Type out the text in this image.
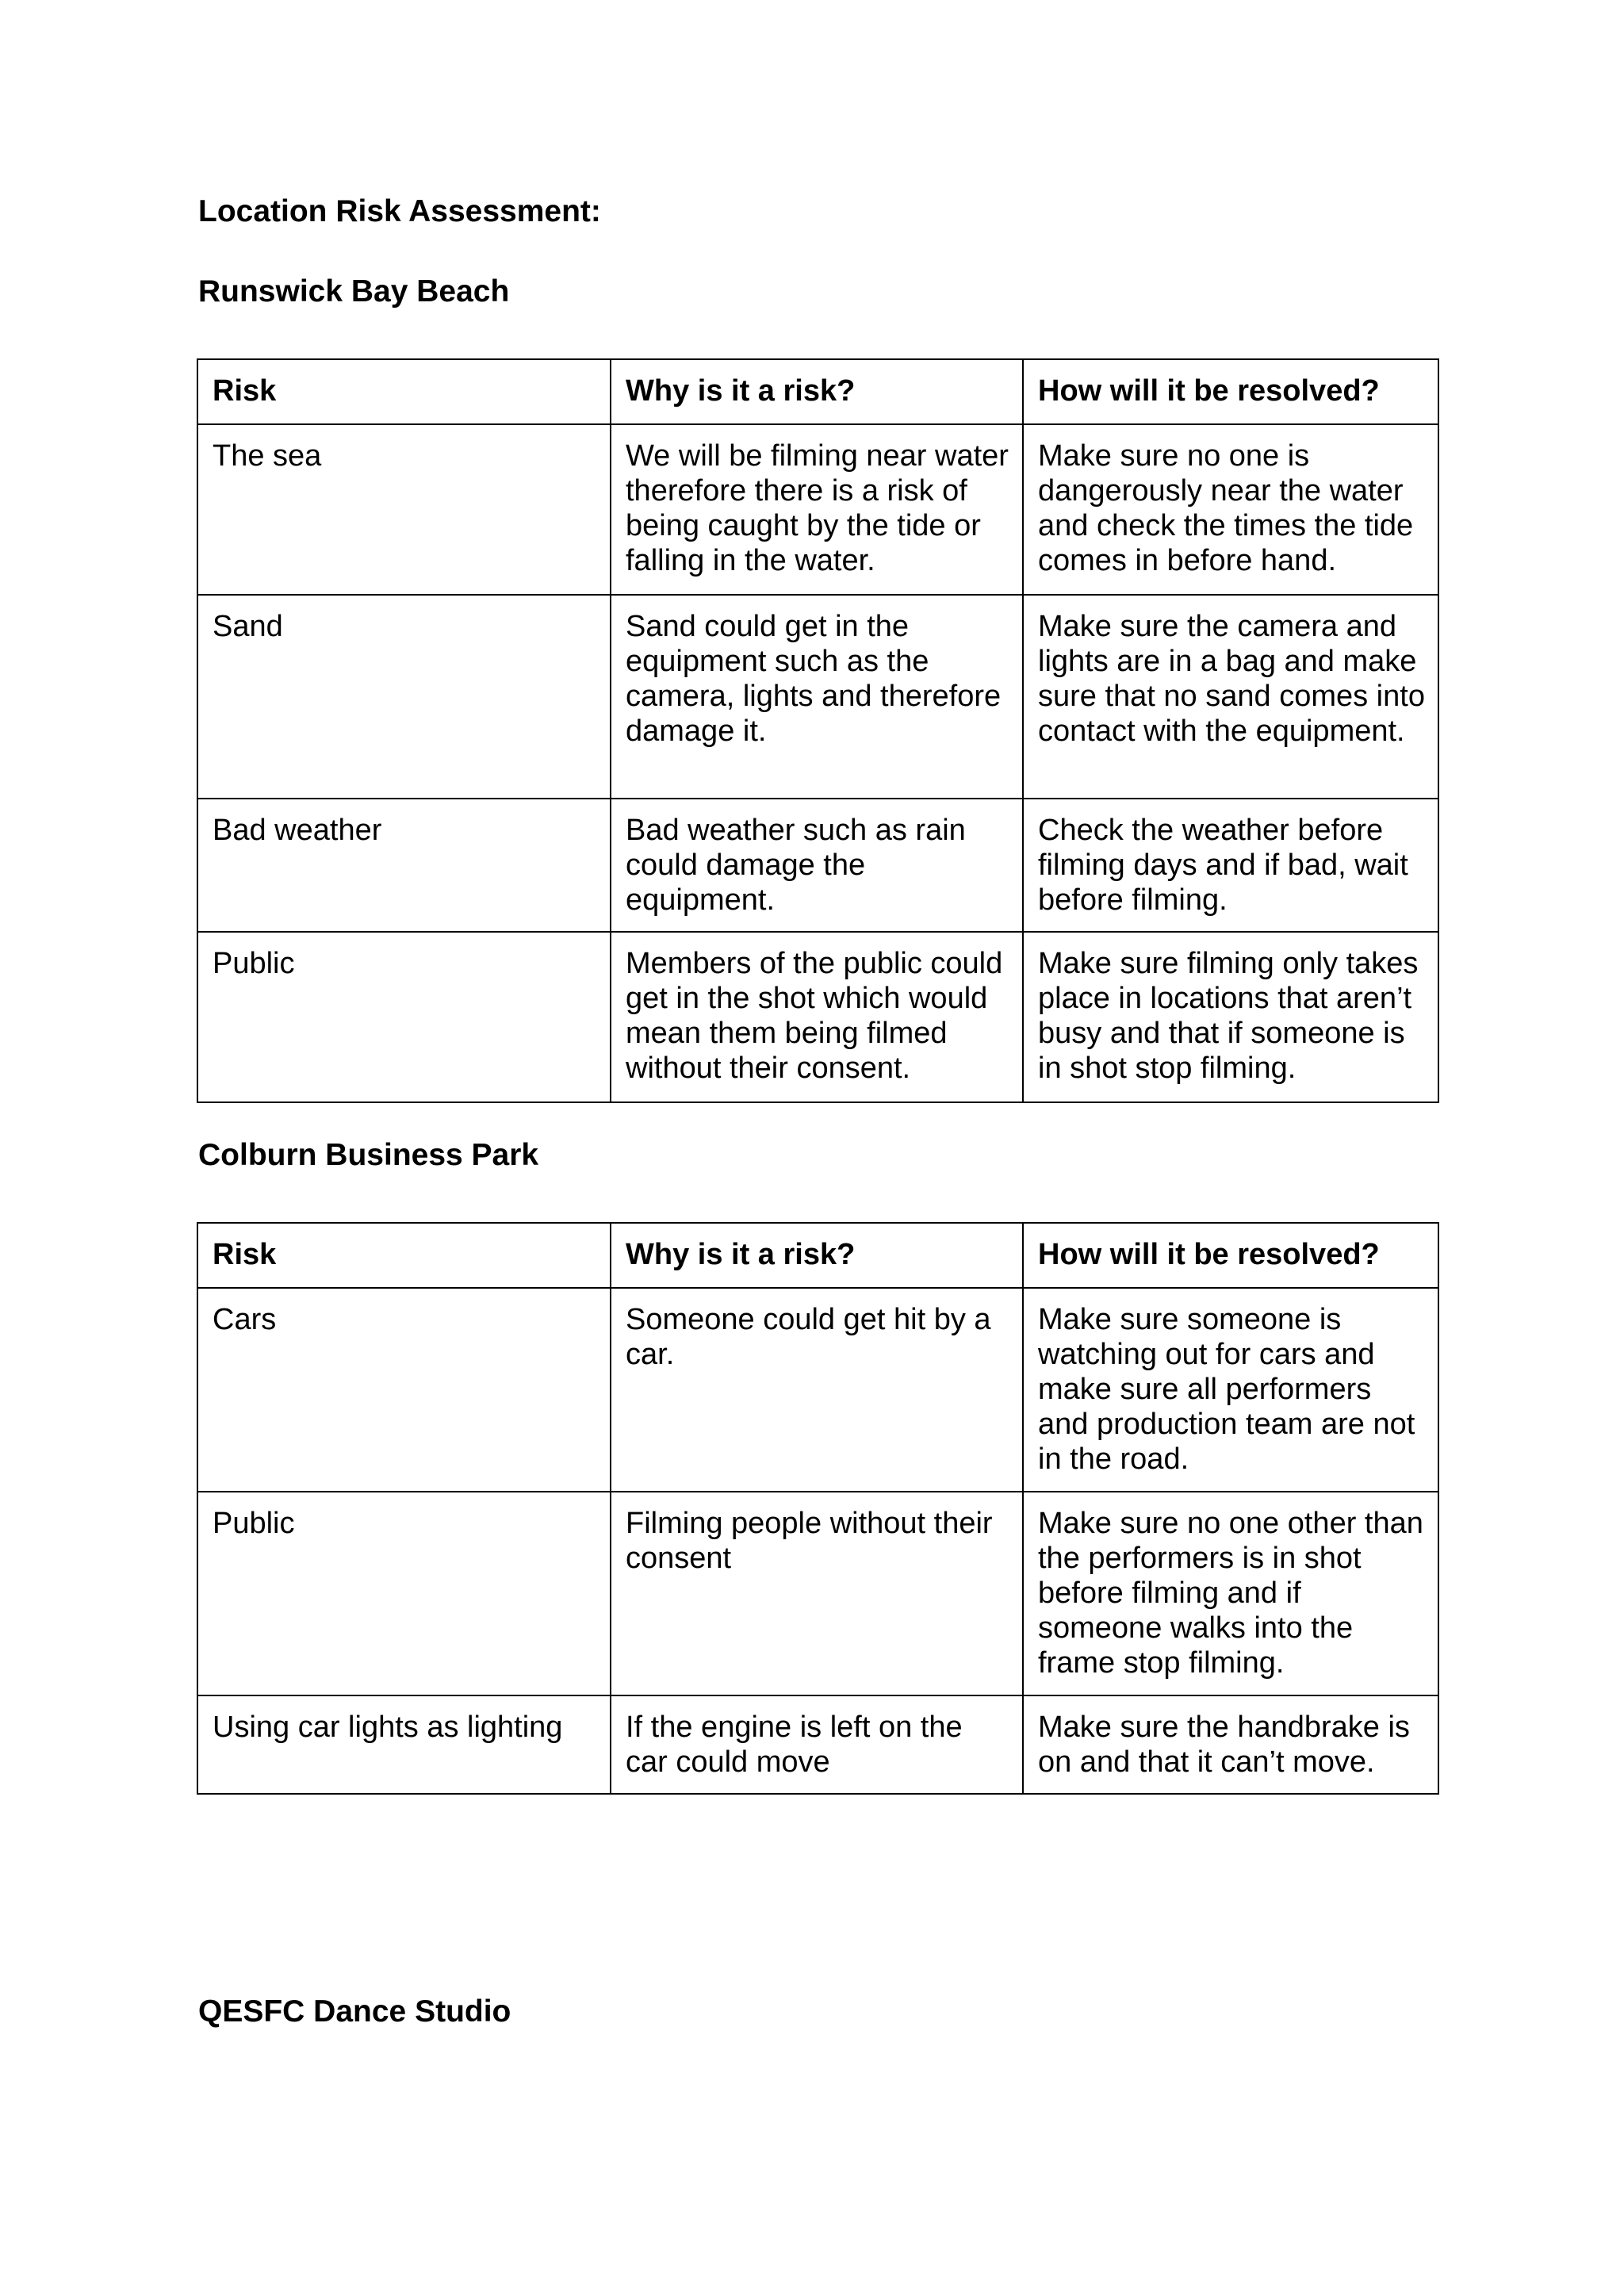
Location Risk Assessment:
Runswick Bay Beach
Risk	Why is it a risk?	How will it be resolved?
The sea	We will be filming near water therefore there is a risk of being caught by the tide or falling in the water.	Make sure no one is dangerously near the water and check the times the tide comes in before hand.
Sand	Sand could get in the equipment such as the camera, lights and therefore damage it.	Make sure the camera and lights are in a bag and make sure that no sand comes into contact with the equipment.
Bad weather	Bad weather such as rain could damage the equipment.	Check the weather before filming days and if bad, wait before filming.
Public	Members of the public could get in the shot which would mean them being filmed without their consent.	Make sure filming only takes place in locations that aren’t busy and that if someone is in shot stop filming.
Colburn Business Park
Risk	Why is it a risk?	How will it be resolved?
Cars	Someone could get hit by a car.	Make sure someone is watching out for cars and make sure all performers and production team are not in the road.
Public	Filming people without their consent	Make sure no one other than the performers is in shot before filming and if someone walks into the frame stop filming.
Using car lights as lighting	If the engine is left on the car could move	Make sure the handbrake is on and that it can’t move.
QESFC Dance Studio
